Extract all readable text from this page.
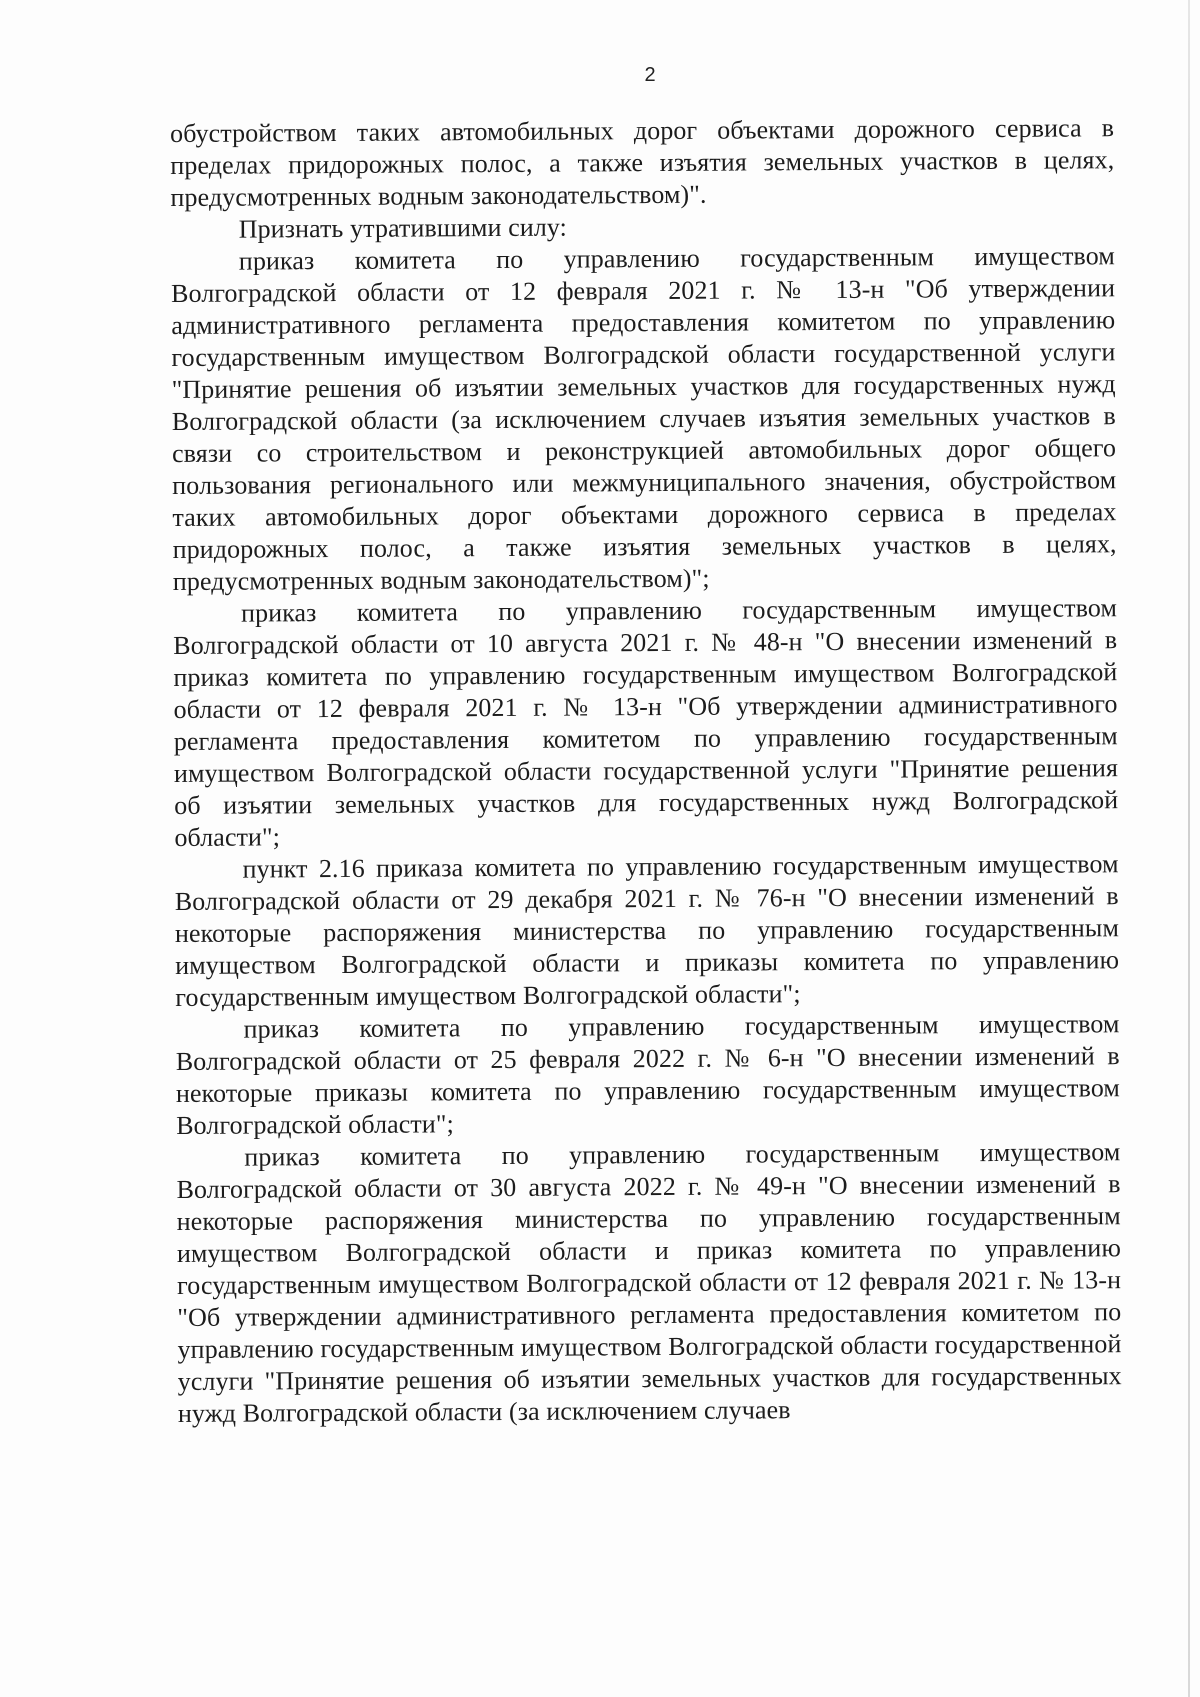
2

обустройством таких автомобильных дорог объектами дорожного сервиса в пределах придорожных полос, а также изъятия земельных участков в целях, предусмотренных водным законодательством)".

Признать утратившими силу:

приказ комитета по управлению государственным имуществом Волгоградской области от 12 февраля 2021 г. № 13-н "Об утверждении административного регламента предоставления комитетом по управлению государственным имуществом Волгоградской области государственной услуги "Принятие решения об изъятии земельных участков для государственных нужд Волгоградской области (за исключением случаев изъятия земельных участков в связи со строительством и реконструкцией автомобильных дорог общего пользования регионального или межмуниципального значения, обустройством таких автомобильных дорог объектами дорожного сервиса в пределах придорожных полос, а также изъятия земельных участков в целях, предусмотренных водным законодательством)";

приказ комитета по управлению государственным имуществом Волгоградской области от 10 августа 2021 г. № 48-н "О внесении изменений в приказ комитета по управлению государственным имуществом Волгоградской области от 12 февраля 2021 г. № 13-н "Об утверждении административного регламента предоставления комитетом по управлению государственным имуществом Волгоградской области государственной услуги "Принятие решения об изъятии земельных участков для государственных нужд Волгоградской области";

пункт 2.16 приказа комитета по управлению государственным имуществом Волгоградской области от 29 декабря 2021 г. № 76-н "О внесении изменений в некоторые распоряжения министерства по управлению государственным имуществом Волгоградской области и приказы комитета по управлению государственным имуществом Волгоградской области";

приказ комитета по управлению государственным имуществом Волгоградской области от 25 февраля 2022 г. № 6-н "О внесении изменений в некоторые приказы комитета по управлению государственным имуществом Волгоградской области";

приказ комитета по управлению государственным имуществом Волгоградской области от 30 августа 2022 г. № 49-н "О внесении изменений в некоторые распоряжения министерства по управлению государственным имуществом Волгоградской области и приказ комитета по управлению государственным имуществом Волгоградской области от 12 февраля 2021 г. № 13-н "Об утверждении административного регламента предоставления комитетом по управлению государственным имуществом Волгоградской области государственной услуги "Принятие решения об изъятии земельных участков для государственных нужд Волгоградской области (за исключением случаев
